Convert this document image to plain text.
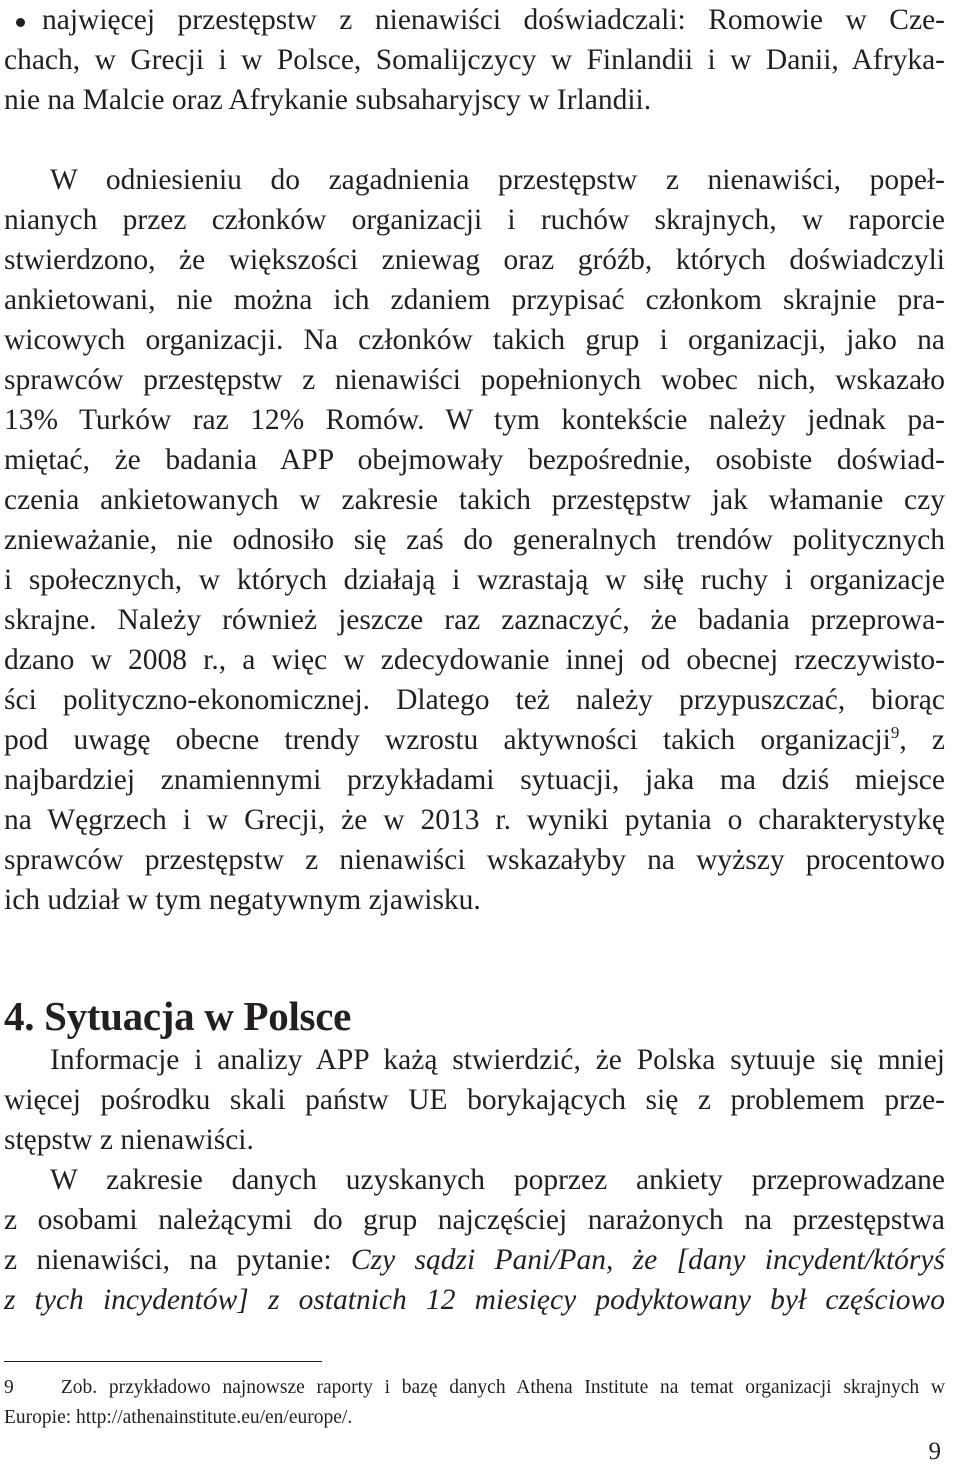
najwięcej przestępstw z nienawiści doświadczali: Romowie w Cze-
chach, w Grecji i w Polsce, Somalijczycy w Finlandii i w Danii, Afryka-
nie na Malcie oraz Afrykanie subsaharyjscy w Irlandii.
W odniesieniu do zagadnienia przestępstw z nienawiści, popeł-
nianych przez członków organizacji i ruchów skrajnych, w raporcie
stwierdzono, że większości zniewag oraz gróźb, których doświadczyli
ankietowani, nie można ich zdaniem przypisać członkom skrajnie pra-
wicowych organizacji. Na członków takich grup i organizacji, jako na
sprawców przestępstw z nienawiści popełnionych wobec nich, wskazało
13% Turków raz 12% Romów. W tym kontekście należy jednak pa-
miętać, że badania APP obejmowały bezpośrednie, osobiste doświad-
czenia ankietowanych w zakresie takich przestępstw jak włamanie czy
znieważanie, nie odnosiło się zaś do generalnych trendów politycznych
i społecznych, w których działają i wzrastają w siłę ruchy i organizacje
skrajne. Należy również jeszcze raz zaznaczyć, że badania przeprowa-
dzano w 2008 r., a więc w zdecydowanie innej od obecnej rzeczywisto-
ści polityczno-ekonomicznej. Dlatego też należy przypuszczać, biorąc
pod uwagę obecne trendy wzrostu aktywności takich organizacji$^9$, z
najbardziej znamiennymi przykładami sytuacji, jaka ma dziś miejsce
na Węgrzech i w Grecji, że w 2013 r. wyniki pytania o charakterystykę
sprawców przestępstw z nienawiści wskazałyby na wyższy procentowo
ich udział w tym negatywnym zjawisku.
4. Sytuacja w Polsce
Informacje i analizy APP każą stwierdzić, że Polska sytuuje się mniej
więcej pośrodku skali państw UE borykających się z problemem prze-
stępstw z nienawiści.
W zakresie danych uzyskanych poprzez ankiety przeprowadzane
z osobami należącymi do grup najczęściej narażonych na przestępstwa
z nienawiści, na pytanie: Czy sądzi Pani/Pan, że [dany incydent/któryś
z tych incydentów] z ostatnich 12 miesięcy podyktowany był częściowo
9    Zob. przykładowo najnowsze raporty i bazę danych Athena Institute na temat organizacji skrajnych w
Europie: http://athenainstitute.eu/en/europe/.
9
